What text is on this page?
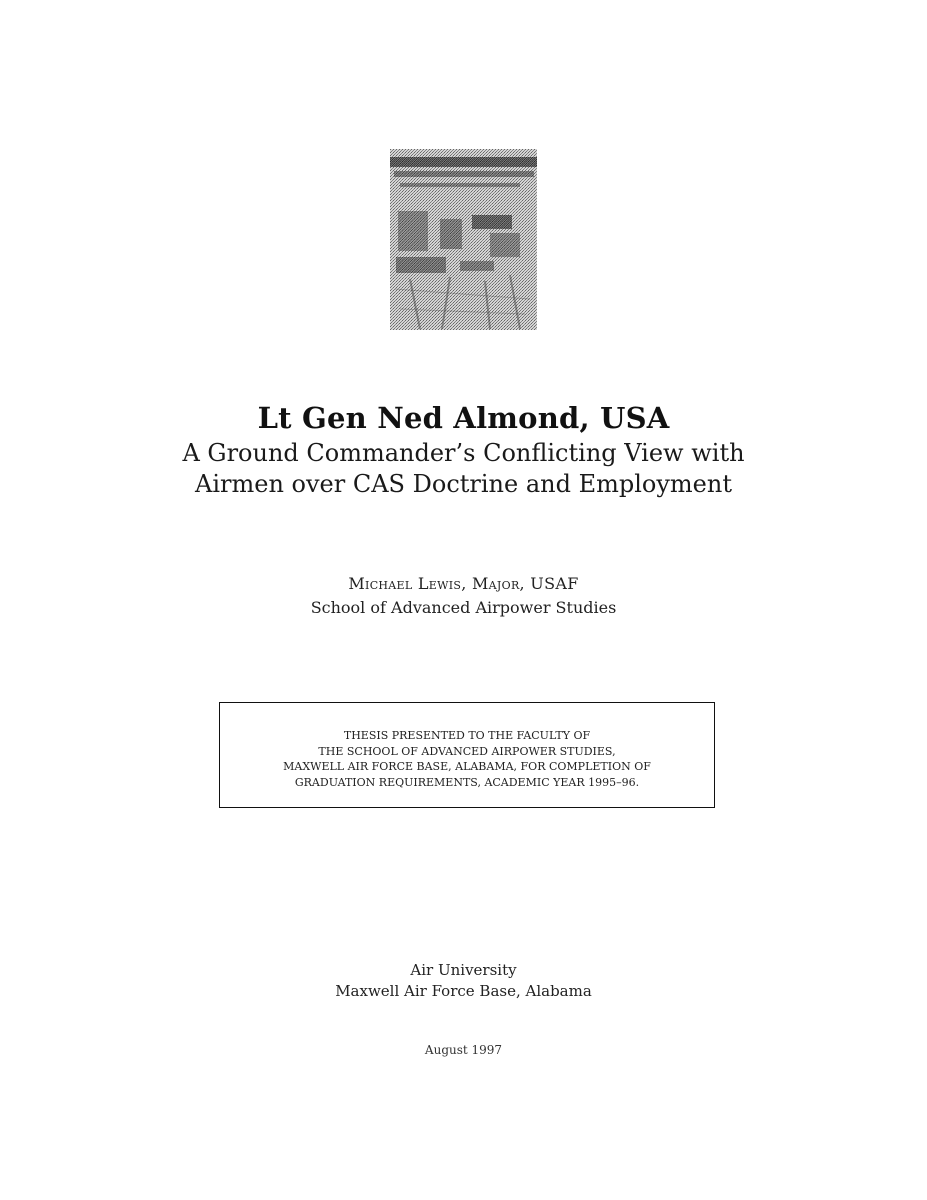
Lt Gen Ned Almond, USA
A Ground Commander’s Conflicting View with
Airmen over CAS Doctrine and Employment
Michael Lewis, Major, USAF
School of Advanced Airpower Studies
THESIS PRESENTED TO THE FACULTY OF
THE SCHOOL OF ADVANCED AIRPOWER STUDIES,
MAXWELL AIR FORCE BASE, ALABAMA, FOR COMPLETION OF
GRADUATION REQUIREMENTS, ACADEMIC YEAR 1995–96.
Air University
Maxwell Air Force Base, Alabama
August 1997
